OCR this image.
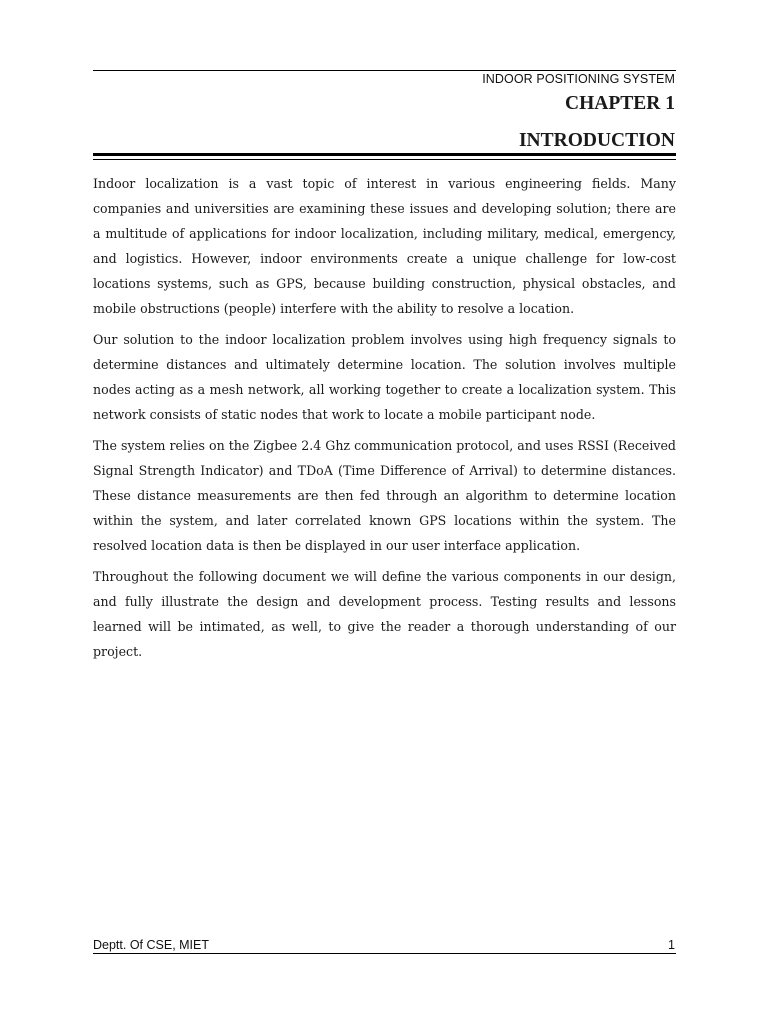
INDOOR POSITIONING SYSTEM
CHAPTER 1
INTRODUCTION

Indoor localization is a vast topic of interest in various engineering fields. Many companies and universities are examining these issues and developing solution; there are a multitude of applications for indoor localization, including military, medical, emergency, and logistics. However, indoor environments create a unique challenge for low-cost locations systems, such as GPS, because building construction, physical obstacles, and mobile obstructions (people) interfere with the ability to resolve a location.

Our solution to the indoor localization problem involves using high frequency signals to determine distances and ultimately determine location. The solution involves multiple nodes acting as a mesh network, all working together to create a localization system. This network consists of static nodes that work to locate a mobile participant node.

The system relies on the Zigbee 2.4 Ghz communication protocol, and uses RSSI (Received Signal Strength Indicator) and TDoA (Time Difference of Arrival) to determine distances. These distance measurements are then fed through an algorithm to determine location within the system, and later correlated known GPS locations within the system. The resolved location data is then be displayed in our user interface application.

Throughout the following document we will define the various components in our design, and fully illustrate the design and development process. Testing results and lessons learned will be intimated, as well, to give the reader a thorough understanding of our project.

Deptt. Of CSE, MIET	1
